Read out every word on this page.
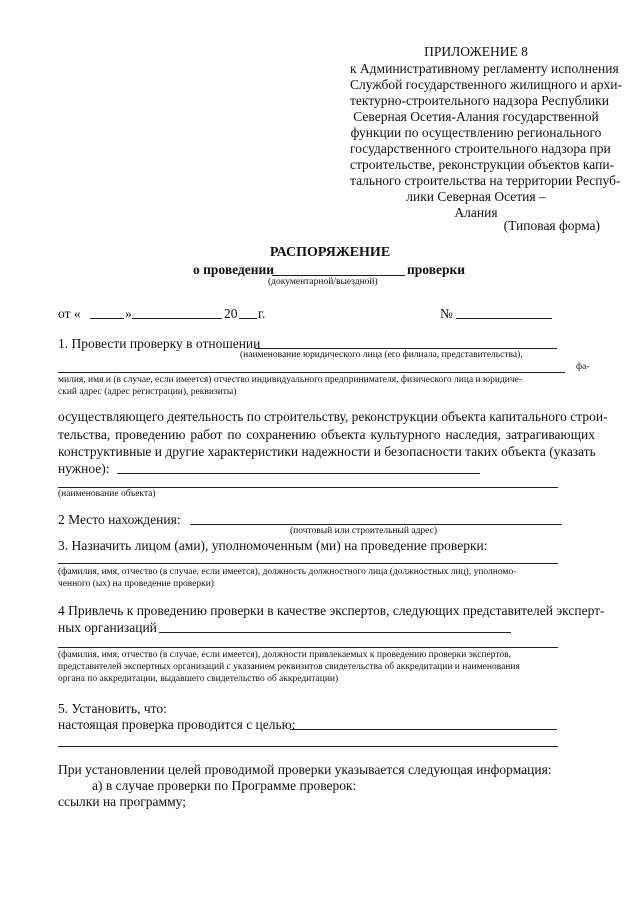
ПРИЛОЖЕНИЕ 8
к Административному регламенту исполнения
Службой государственного жилищного и архи-
тектурно-строительного надзора Республики
Северная Осетия-Алания государственной
функции по осуществлению регионального
государственного строительного надзора при
строительстве, реконструкции объектов капи-
тального строительства на территории Респуб-
лики Северная Осетия –
Алания
(Типовая форма)
РАСПОРЯЖЕНИЕ
о проведении	проверки
(документарной/выездной)
от «	»	20 г.	№
1. Провести проверку в отношении
(наименование юридического лица (его филиала, представительства),
фа-
милия, имя и (в случае, если имеется) отчество индивидуального предпринимателя, физического лица и юридиче-
ский адрес (адрес регистрации), реквизиты)
осуществляющего деятельность по строительству, реконструкции объекта капитального строи-
тельства, проведению работ по сохранению объекта культурного наследия, затрагивающих
конструктивные и другие характеристики надежности и безопасности таких объекта (указать
нужное):
(наименование объекта)
2 Место нахождения:
(почтовый или строительный адрес)
3. Назначить лицом (ами), уполномоченным (ми) на проведение проверки:
(фамилия, имя, отчество (в случае, если имеется), должность должностного лица (должностных лиц), уполномо-
ченного (ых) на проведение проверки)
4 Привлечь к проведению проверки в качестве экспертов, следующих представителей эксперт-
ных организаций
(фамилия, имя, отчество (в случае, если имеется), должности привлекаемых к проведению проверки экспертов,
представителей экспертных организаций с указанием реквизитов свидетельства об аккредитации и наименования
органа по аккредитации, выдавшего свидетельство об аккредитации)
5. Установить, что:
настоящая проверка проводится с целью:
При установлении целей проводимой проверки указывается следующая информация:
а) в случае проверки по Программе проверок:
ссылки на программу;
